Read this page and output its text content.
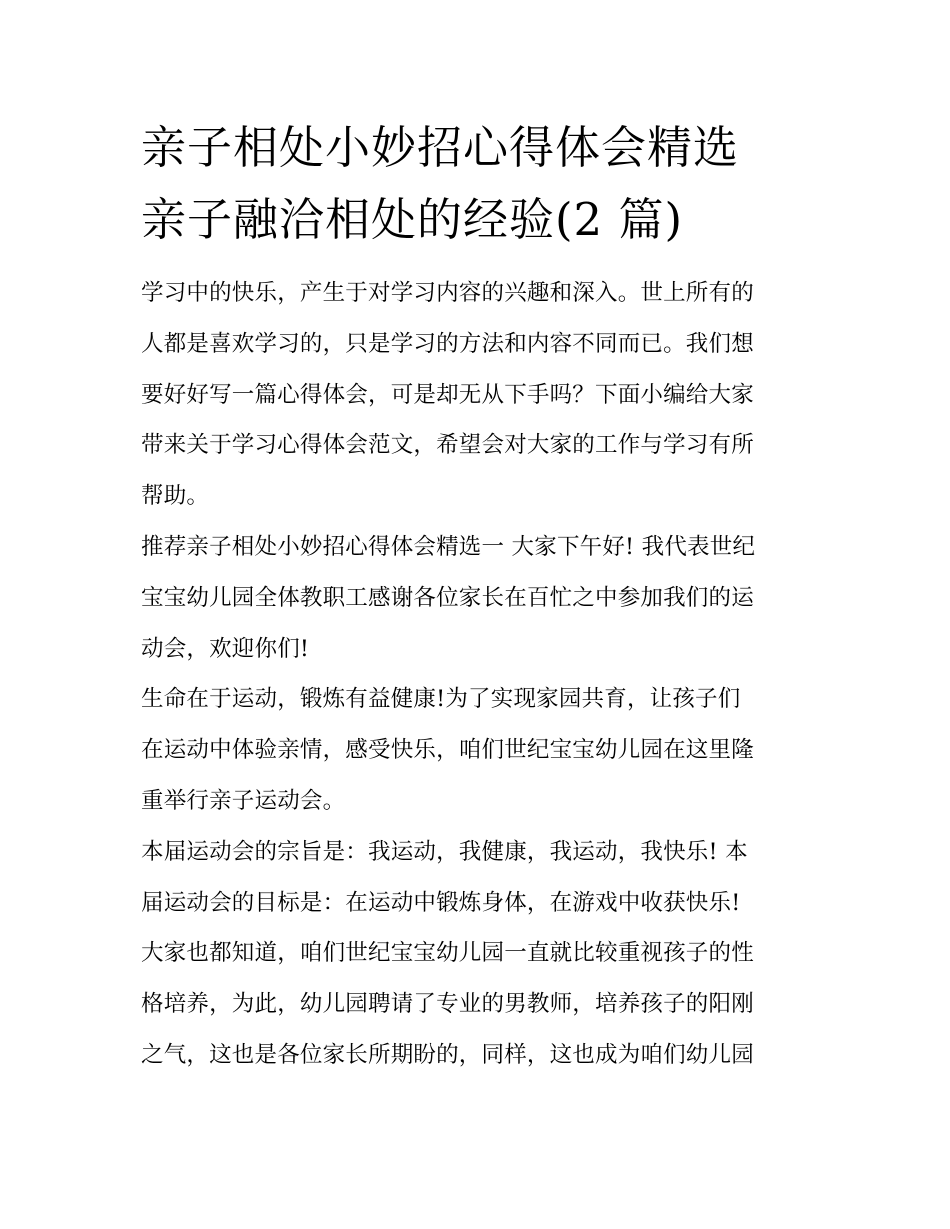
亲子相处小妙招心得体会精选
亲子融洽相处的经验(2 篇)

学习中的快乐，产生于对学习内容的兴趣和深入。世上所有的
人都是喜欢学习的，只是学习的方法和内容不同而已。我们想
要好好写一篇心得体会，可是却无从下手吗？下面小编给大家
带来关于学习心得体会范文，希望会对大家的工作与学习有所
帮助。

推荐亲子相处小妙招心得体会精选一 大家下午好! 我代表世纪
宝宝幼儿园全体教职工感谢各位家长在百忙之中参加我们的运
动会，欢迎你们!

生命在于运动，锻炼有益健康!为了实现家园共育，让孩子们
在运动中体验亲情，感受快乐，咱们世纪宝宝幼儿园在这里隆
重举行亲子运动会。

本届运动会的宗旨是：我运动，我健康，我运动，我快乐! 本
届运动会的目标是：在运动中锻炼身体，在游戏中收获快乐!
大家也都知道，咱们世纪宝宝幼儿园一直就比较重视孩子的性
格培养，为此，幼儿园聘请了专业的男教师，培养孩子的阳刚
之气，这也是各位家长所期盼的，同样，这也成为咱们幼儿园
